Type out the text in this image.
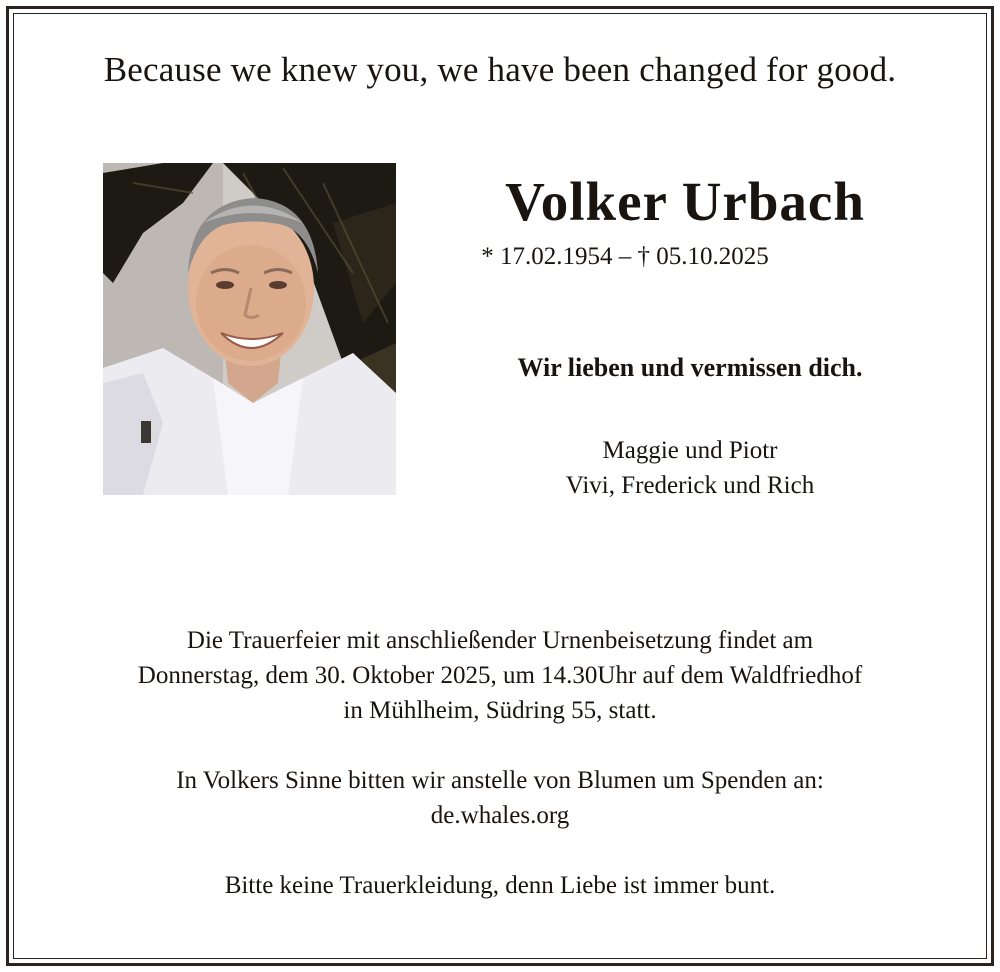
Because we knew you, we have been changed for good.
Volker Urbach
* 17.02.1954 – † 05.10.2025
Wir lieben und vermissen dich.
Maggie und Piotr
Vivi, Frederick und Rich
Die Trauerfeier mit anschließender Urnenbeisetzung findet am
Donnerstag, dem 30. Oktober 2025, um 14.30Uhr auf dem Waldfriedhof
in Mühlheim, Südring 55, statt.
In Volkers Sinne bitten wir anstelle von Blumen um Spenden an:
de.whales.org
Bitte keine Trauerkleidung, denn Liebe ist immer bunt.
